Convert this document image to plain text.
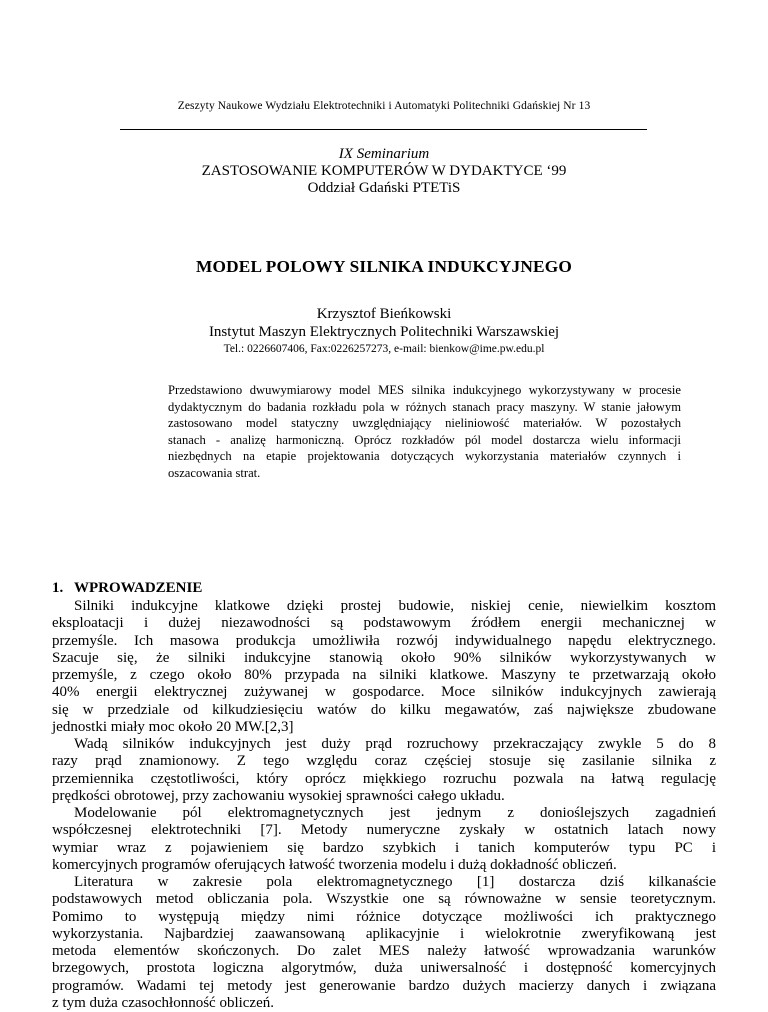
Zeszyty Naukowe Wydziału Elektrotechniki i Automatyki Politechniki Gdańskiej Nr 13
IX Seminarium
ZASTOSOWANIE KOMPUTERÓW W DYDAKTYCE ‘99
Oddział Gdański PTETiS
MODEL POLOWY SILNIKA INDUKCYJNEGO
Krzysztof Bieńkowski
Instytut Maszyn Elektrycznych Politechniki Warszawskiej
Tel.: 0226607406, Fax:0226257273, e-mail: bienkow@ime.pw.edu.pl
Przedstawiono dwuwymiarowy model MES silnika indukcyjnego wykorzystywany w procesie
dydaktycznym do badania rozkładu pola w różnych stanach pracy maszyny. W stanie jałowym
zastosowano model statyczny uwzględniający nieliniowość materiałów. W pozostałych
stanach - analizę harmoniczną. Oprócz rozkładów pól model dostarcza wielu informacji
niezbędnych na etapie projektowania dotyczących wykorzystania materiałów czynnych i
oszacowania strat.
1. WPROWADZENIE
Silniki indukcyjne klatkowe dzięki prostej budowie, niskiej cenie, niewielkim kosztom
eksploatacji i dużej niezawodności są podstawowym źródłem energii mechanicznej w
przemyśle. Ich masowa produkcja umożliwiła rozwój indywidualnego napędu elektrycznego.
Szacuje się, że silniki indukcyjne stanowią około 90% silników wykorzystywanych w
przemyśle, z czego około 80% przypada na silniki klatkowe. Maszyny te przetwarzają około
40% energii elektrycznej zużywanej w gospodarce. Moce silników indukcyjnych zawierają
się w przedziale od kilkudziesięciu watów do kilku megawatów, zaś największe zbudowane
jednostki miały moc około 20 MW.[2,3]
Wadą silników indukcyjnych jest duży prąd rozruchowy przekraczający zwykle 5 do 8
razy prąd znamionowy. Z tego względu coraz częściej stosuje się zasilanie silnika z
przemiennika częstotliwości, który oprócz miękkiego rozruchu pozwala na łatwą regulację
prędkości obrotowej, przy zachowaniu wysokiej sprawności całego układu.
Modelowanie pól elektromagnetycznych jest jednym z donioślejszych zagadnień
współczesnej elektrotechniki [7]. Metody numeryczne zyskały w ostatnich latach nowy
wymiar wraz z pojawieniem się bardzo szybkich i tanich komputerów typu PC i
komercyjnych programów oferujących łatwość tworzenia modelu i dużą dokładność obliczeń.
Literatura w zakresie pola elektromagnetycznego [1] dostarcza dziś kilkanaście
podstawowych metod obliczania pola. Wszystkie one są równoważne w sensie teoretycznym.
Pomimo to występują między nimi różnice dotyczące możliwości ich praktycznego
wykorzystania. Najbardziej zaawansowaną aplikacyjnie i wielokrotnie zweryfikowaną jest
metoda elementów skończonych. Do zalet MES należy łatwość wprowadzania warunków
brzegowych, prostota logiczna algorytmów, duża uniwersalność i dostępność komercyjnych
programów. Wadami tej metody jest generowanie bardzo dużych macierzy danych i związana
z tym duża czasochłonność obliczeń.
